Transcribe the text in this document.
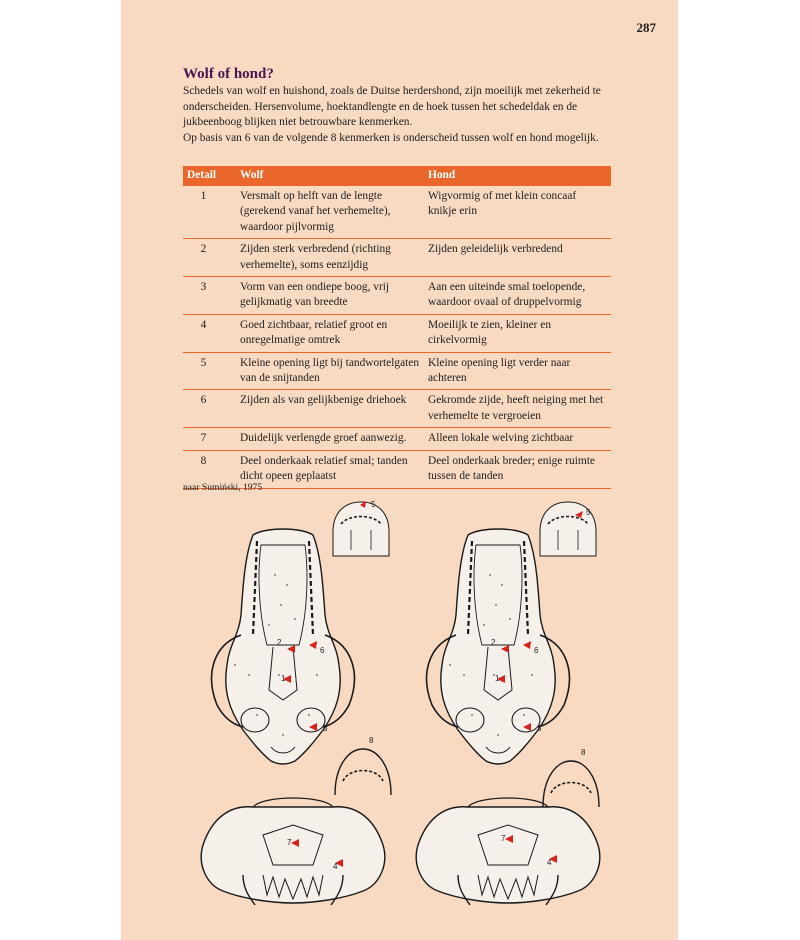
287
Wolf of hond?

Schedels van wolf en huishond, zoals de Duitse herdershond, zijn moeilijk met zekerheid te onderscheiden. Hersenvolume, hoektandlengte en de hoek tussen het schedeldak en de jukbeenboog blijken niet betrouwbare kenmerken.

Op basis van 6 van de volgende 8 kenmerken is onderscheid tussen wolf en hond mogelijk.

Detail	Wolf	Hond
1	Versmalt op helft van de lengte (gerekend vanaf het verhemelte), waardoor pijlvormig	Wigvormig of met klein concaaf knikje erin
2	Zijden sterk verbredend (richting verhemelte), soms eenzijdig	Zijden geleidelijk verbredend
3	Vorm van een ondiepe boog, vrij gelijkmatig van breedte	Aan een uiteinde smal toelopende, waardoor ovaal of druppelvormig
4	Goed zichtbaar, relatief groot en onregelmatige omtrek	Moeilijk te zien, kleiner en cirkelvormig
5	Kleine opening ligt bij tandwortelgaten van de snijtanden	Kleine opening ligt verder naar achteren
6	Zijden als van gelijkbenige driehoek	Gekromde zijde, heeft neiging met het verhemelte te vergroeien
7	Duidelijk verlengde groef aanwezig.	Alleen lokale welving zichtbaar
8	Deel onderkaak relatief smal; tanden dicht opeen geplaatst	Deel onderkaak breder; enige ruimte tussen de tanden
naar Sumiński, 1975
5
2
6
1
3
8
7
4
5
2
6
1
3
8
7
4
